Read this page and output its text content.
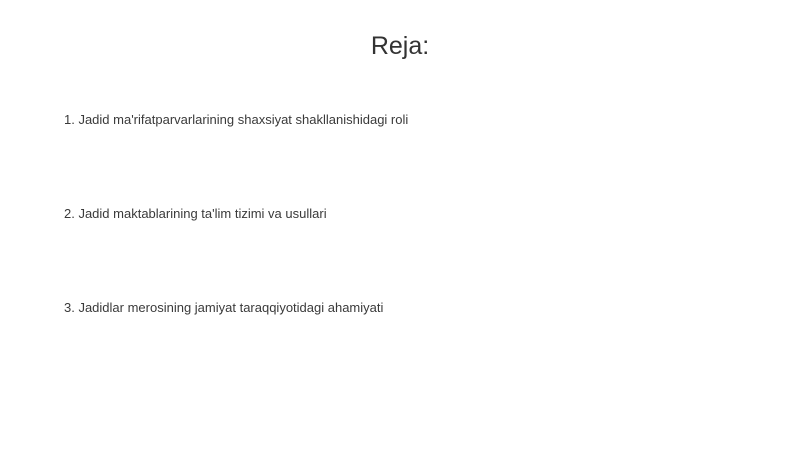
Reja:
1. Jadid ma'rifatparvarlarining shaxsiyat shakllanishidagi roli
2. Jadid maktablarining ta'lim tizimi va usullari
3. Jadidlar merosining jamiyat taraqqiyotidagi ahamiyati
